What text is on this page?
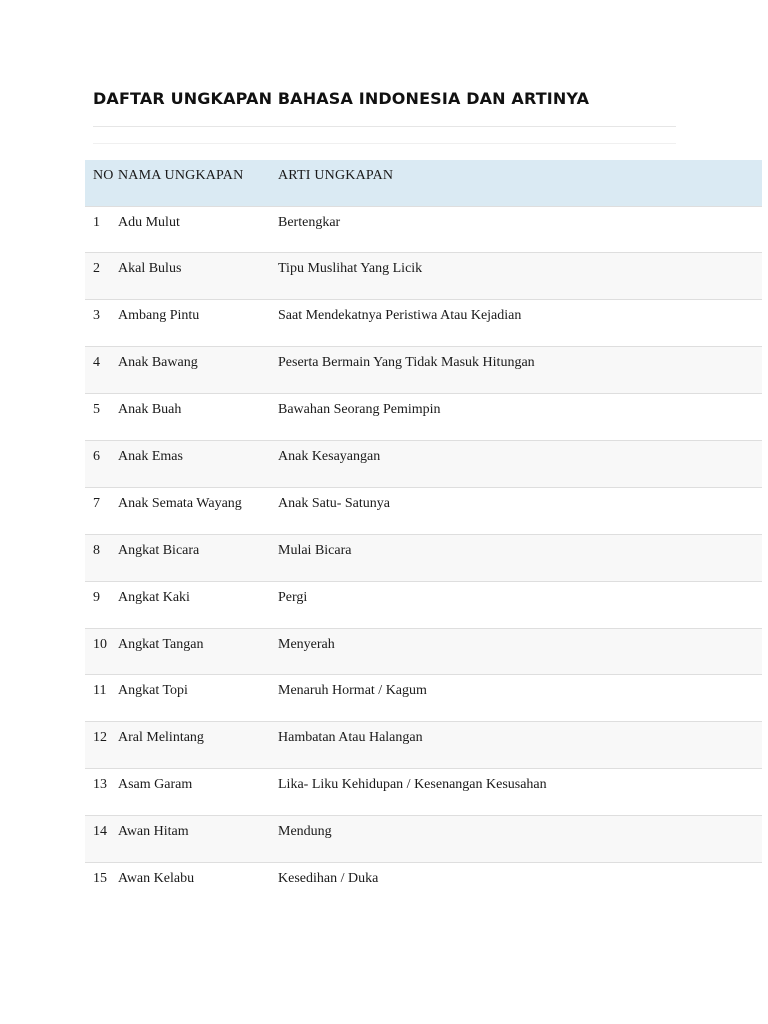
DAFTAR UNGKAPAN BAHASA INDONESIA DAN ARTINYA
NO	NAMA UNGKAPAN	ARTI UNGKAPAN
1	Adu Mulut	Bertengkar
2	Akal Bulus	Tipu Muslihat Yang Licik
3	Ambang Pintu	Saat Mendekatnya Peristiwa Atau Kejadian
4	Anak Bawang	Peserta Bermain Yang Tidak Masuk Hitungan
5	Anak Buah	Bawahan Seorang Pemimpin
6	Anak Emas	Anak Kesayangan
7	Anak Semata Wayang	Anak Satu- Satunya
8	Angkat Bicara	Mulai Bicara
9	Angkat Kaki	Pergi
10	Angkat Tangan	Menyerah
11	Angkat Topi	Menaruh Hormat / Kagum
12	Aral Melintang	Hambatan Atau Halangan
13	Asam Garam	Lika- Liku Kehidupan / Kesenangan Kesusahan
14	Awan Hitam	Mendung
15	Awan Kelabu	Kesedihan / Duka
